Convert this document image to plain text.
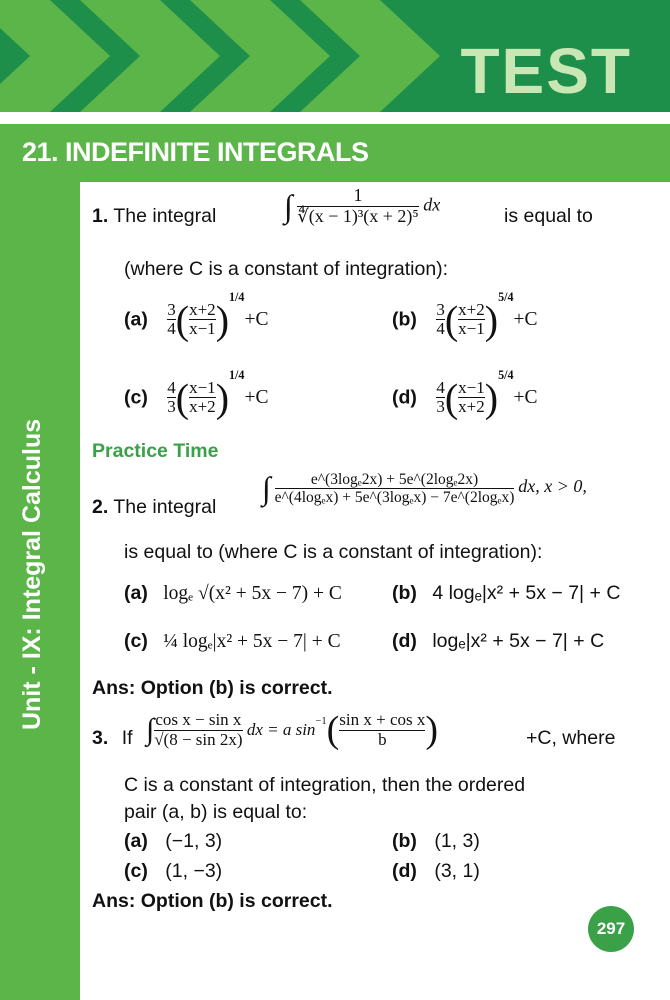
TEST
21. INDEFINITE INTEGRALS
Unit - IX: Integral Calculus
1. The integral ∫ $\frac{1}{\text{∜(x − 1)³(x + 2)⁵}}$ dx
is equal to
(where C is a constant of integration):
$(a) \frac{3}{4}$ ( $\frac{x+2}{x-1} )^{1/4}+C$	$(b) \frac{3}{4}$ ( $\frac{x+2}{x-1} )^{5/4}+C$
$(c) \frac{4}{3}$ ( $\frac{x-1}{x+2} )^{1/4}+C$	$(d) \frac{4}{3}$ ( $\frac{x-1}{x+2} )^{5/4}+C$
Practice Time
2. The integral
∫ $\frac{\text{e\textasciicircum{}(3logₑ2x) + 5e\textasciicircum{}(2logₑ2x)}}{\text{e\textasciicircum{}(4logₑx) + 5e\textasciicircum{}(3logₑx) − 7e\textasciicircum{}(2logₑx)}}$ dx, x > 0,
is equal to (where C is a constant of integration):
(a) logₑ √(x² + 5x − 7) + C	(b) 4 logₑ|x² + 5x − 7| + C
(c) ¼ logₑ|x² + 5x − 7| + C	(d) logₑ|x² + 5x − 7| + C
Ans: Option (b) is correct.
3. If ∫ $\frac{\text{cos x − sin x}}{√(8 - \sin 2x)}$ dx = a $\sin^{-1}( \frac{\text{sin x + cos x}}{b}$ )	+C, where
C is a constant of integration, then the ordered
pair (a, b) is equal to:
(a) (−1, 3)	(b) (1, 3)
(c) (1, −3)	(d) (3, 1)
Ans: Option (b) is correct.
297
